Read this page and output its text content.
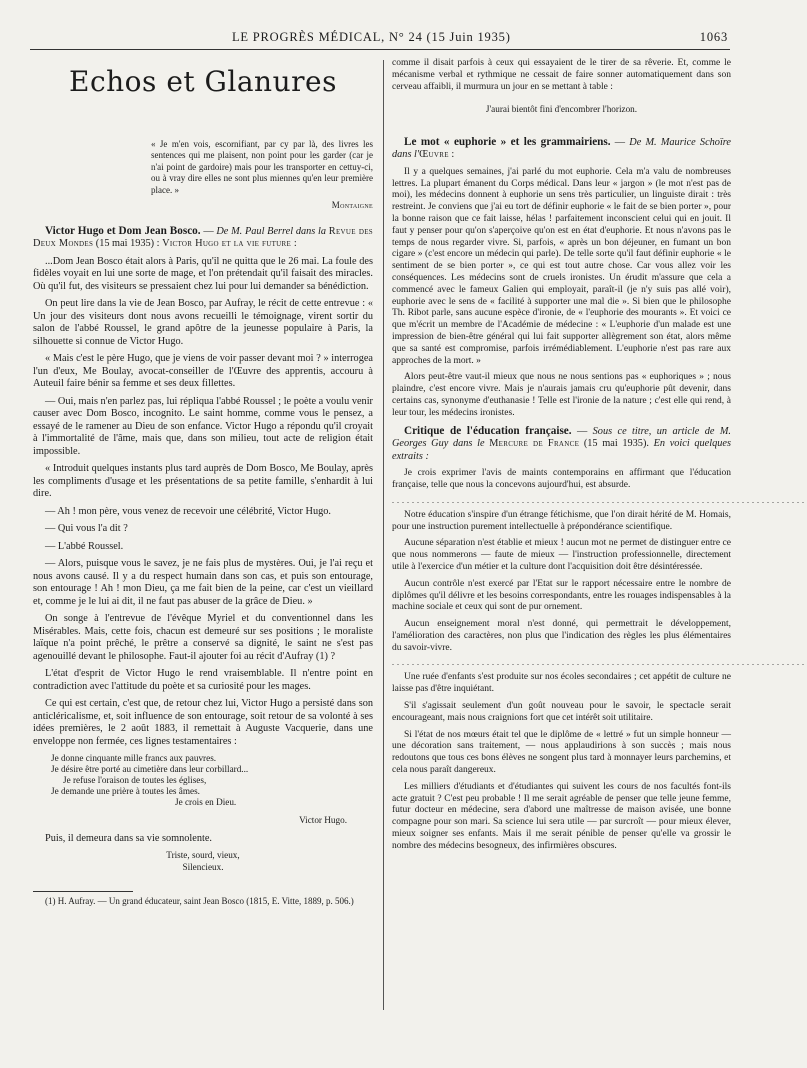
LE PROGRÈS MÉDICAL, N° 24 (15 Juin 1935)	1063
Echos et Glanures
« Je m'en vois, escornifiant, par cy par là, des livres les sentences qui me plaisent, non point pour les garder (car je n'ai point de gardoire) mais pour les transporter en cettuy-ci, ou à vray dire elles ne sont plus miennes qu'en leur première place. »
Montaigne

Victor Hugo et Dom Jean Bosco. — De M. Paul Berrel dans la Revue des Deux Mondes (15 mai 1935) : Victor Hugo et la vie future :

...Dom Jean Bosco était alors à Paris, qu'il ne quitta que le 26 mai. La foule des fidèles voyait en lui une sorte de mage, et l'on prétendait qu'il faisait des miracles. Où qu'il fut, des visiteurs se pressaient chez lui pour lui demander sa bénédiction.

On peut lire dans la vie de Jean Bosco, par Aufray, le récit de cette entrevue : « Un jour des visiteurs dont nous avons recueilli le témoignage, virent sortir du salon de l'abbé Roussel, le grand apôtre de la jeunesse populaire à Paris, la silhouette si connue de Victor Hugo.

« Mais c'est le père Hugo, que je viens de voir passer devant moi ? » interrogea l'un d'eux, Me Boulay, avocat-conseiller de l'Œuvre des apprentis, accouru à Auteuil faire bénir sa femme et ses deux fillettes.

— Oui, mais n'en parlez pas, lui répliqua l'abbé Roussel ; le poète a voulu venir causer avec Dom Bosco, incognito. Le saint homme, comme vous le pensez, a essayé de le ramener au Dieu de son enfance. Victor Hugo a répondu qu'il croyait à l'immortalité de l'âme, mais que, dans son milieu, tout acte de religion était impossible.

« Introduit quelques instants plus tard auprès de Dom Bosco, Me Boulay, après les compliments d'usage et les présentations de sa petite famille, s'enhardit à lui dire.

— Ah ! mon père, vous venez de recevoir une célébrité, Victor Hugo.

— Qui vous l'a dit ?

— L'abbé Roussel.

— Alors, puisque vous le savez, je ne fais plus de mystères. Oui, je l'ai reçu et nous avons causé. Il y a du respect humain dans son cas, et puis son entourage, son entourage ! Ah ! mon Dieu, ça me fait bien de la peine, car c'est un vieillard et, comme je le lui ai dit, il ne faut pas abuser de la grâce de Dieu. »

On songe à l'entrevue de l'évêque Myriel et du conventionnel dans les Misérables. Mais, cette fois, chacun est demeuré sur ses positions ; le moraliste laïque n'a point prêché, le prêtre a conservé sa dignité, le saint ne s'est pas agenouillé devant le philosophe. Faut-il ajouter foi au récit d'Aufray (1) ?

L'état d'esprit de Victor Hugo le rend vraisemblable. Il n'entre point en contradiction avec l'attitude du poète et sa curiosité pour les mages.

Ce qui est certain, c'est que, de retour chez lui, Victor Hugo a persisté dans son anticléricalisme, et, soit influence de son entourage, soit retour de sa volonté à ses idées premières, le 2 août 1883, il remettait à Auguste Vacquerie, dans une enveloppe non fermée, ces lignes testamentaires :

Je donne cinquante mille francs aux pauvres.
Je désire être porté au cimetière dans leur corbillard...
Je refuse l'oraison de toutes les églises,
Je demande une prière à toutes les âmes.
Je crois en Dieu.
Victor Hugo.

Puis, il demeura dans sa vie somnolente.

Triste, sourd, vieux,
Silencieux.

(1) H. Aufray. — Un grand éducateur, saint Jean Bosco (1815, E. Vitte, 1889, p. 506.)

comme il disait parfois à ceux qui essayaient de le tirer de sa rêverie. Et, comme le mécanisme verbal et rythmique ne cessait de faire sonner automatiquement dans son cerveau affaibli, il murmura un jour en se mettant à table :

J'aurai bientôt fini d'encombrer l'horizon.

Le mot « euphorie » et les grammairiens. — De M. Maurice Schoïre dans l'Œuvre :

Il y a quelques semaines, j'ai parlé du mot euphorie. Cela m'a valu de nombreuses lettres. La plupart émanent du Corps médical. Dans leur « jargon » (le mot n'est pas de moi), les médecins donnent à euphorie un sens très particulier, un linguiste dirait : très restreint. Je conviens que j'ai eu tort de définir euphorie « le fait de se bien porter », pour la bonne raison que ce fait laisse, hélas ! parfaitement inconscient celui qui en jouit. Il faut y penser pour qu'on s'aperçoive qu'on est en état d'euphorie. Et nous n'avons pas le temps de nous regarder vivre. Si, parfois, « après un bon déjeuner, en fumant un bon cigare » (c'est encore un médecin qui parle). De telle sorte qu'il faut définir euphorie « le sentiment de se bien porter », ce qui est tout autre chose. Car vous allez voir les conséquences. Les médecins sont de cruels ironistes. Un érudit m'assure que cela a commencé avec le fameux Galien qui employait, paraît-il (je n'y suis pas allé voir), euphorie avec le sens de « facilité à supporter une mal die ». Si bien que le philosophe Th. Ribot parle, sans aucune espèce d'ironie, de « l'euphorie des mourants ». Et voici ce que m'écrit un membre de l'Académie de médecine : « L'euphorie d'un malade est une impression de bien-être général qui lui fait supporter allègrement son état, alors même que sa santé est compromise, parfois irrémédiablement. L'euphorie n'est pas rare aux approches de la mort. »

Alors peut-être vaut-il mieux que nous ne nous sentions pas « euphoriques » ; nous plaindre, c'est encore vivre. Mais je n'aurais jamais cru qu'euphorie pût devenir, dans certains cas, synonyme d'euthanasie ! Telle est l'ironie de la nature ; c'est elle qui rend, à leur tour, les médecins ironistes.

Critique de l'éducation française. — Sous ce titre, un article de M. Georges Guy dans le Mercure de France (15 mai 1935). En voici quelques extraits :

Je crois exprimer l'avis de maints contemporains en affirmant que l'éducation française, telle que nous la concevons aujourd'hui, est absurde.

...................................................................................

Notre éducation s'inspire d'un étrange fétichisme, que l'on dirait hérité de M. Homais, pour une instruction purement intellectuelle à prépondérance scientifique.

Aucune séparation n'est établie et mieux ! aucun mot ne permet de distinguer entre ce que nous nommerons — faute de mieux — l'instruction professionnelle, directement utile à l'exercice d'un métier et la culture dont l'acquisition doit être désintéressée.

Aucun contrôle n'est exercé par l'Etat sur le rapport nécessaire entre le nombre de diplômes qu'il délivre et les besoins correspondants, entre les rouages indispensables à la machine sociale et ceux qui sont de pur ornement.

Aucun enseignement moral n'est donné, qui permettrait le développement, l'amélioration des caractères, non plus que l'indication des règles les plus élémentaires du savoir-vivre.

...................................................................................

Une ruée d'enfants s'est produite sur nos écoles secondaires ; cet appétit de culture ne laisse pas d'être inquiétant.

S'il s'agissait seulement d'un goût nouveau pour le savoir, le spectacle serait encourageant, mais nous craignions fort que cet intérêt soit utilitaire.

Si l'état de nos mœurs était tel que le diplôme de « lettré » fut un simple honneur — une décoration sans traitement, — nous applaudirions à son succès ; mais nous redoutons que tous ces bons élèves ne songent plus tard à monnayer leurs parchemins, et cela nous paraît dangereux.

Les milliers d'étudiants et d'étudiantes qui suivent les cours de nos facultés font-ils acte gratuit ? C'est peu probable ! Il me serait agréable de penser que telle jeune femme, futur docteur en médecine, sera d'abord une maîtresse de maison avisée, une bonne compagne pour son mari. Sa science lui sera utile — par surcroît — pour mieux élever, mieux soigner ses enfants. Mais il me serait pénible de penser qu'elle va grossir le nombre des médecins besogneux, des infirmières obscures.
